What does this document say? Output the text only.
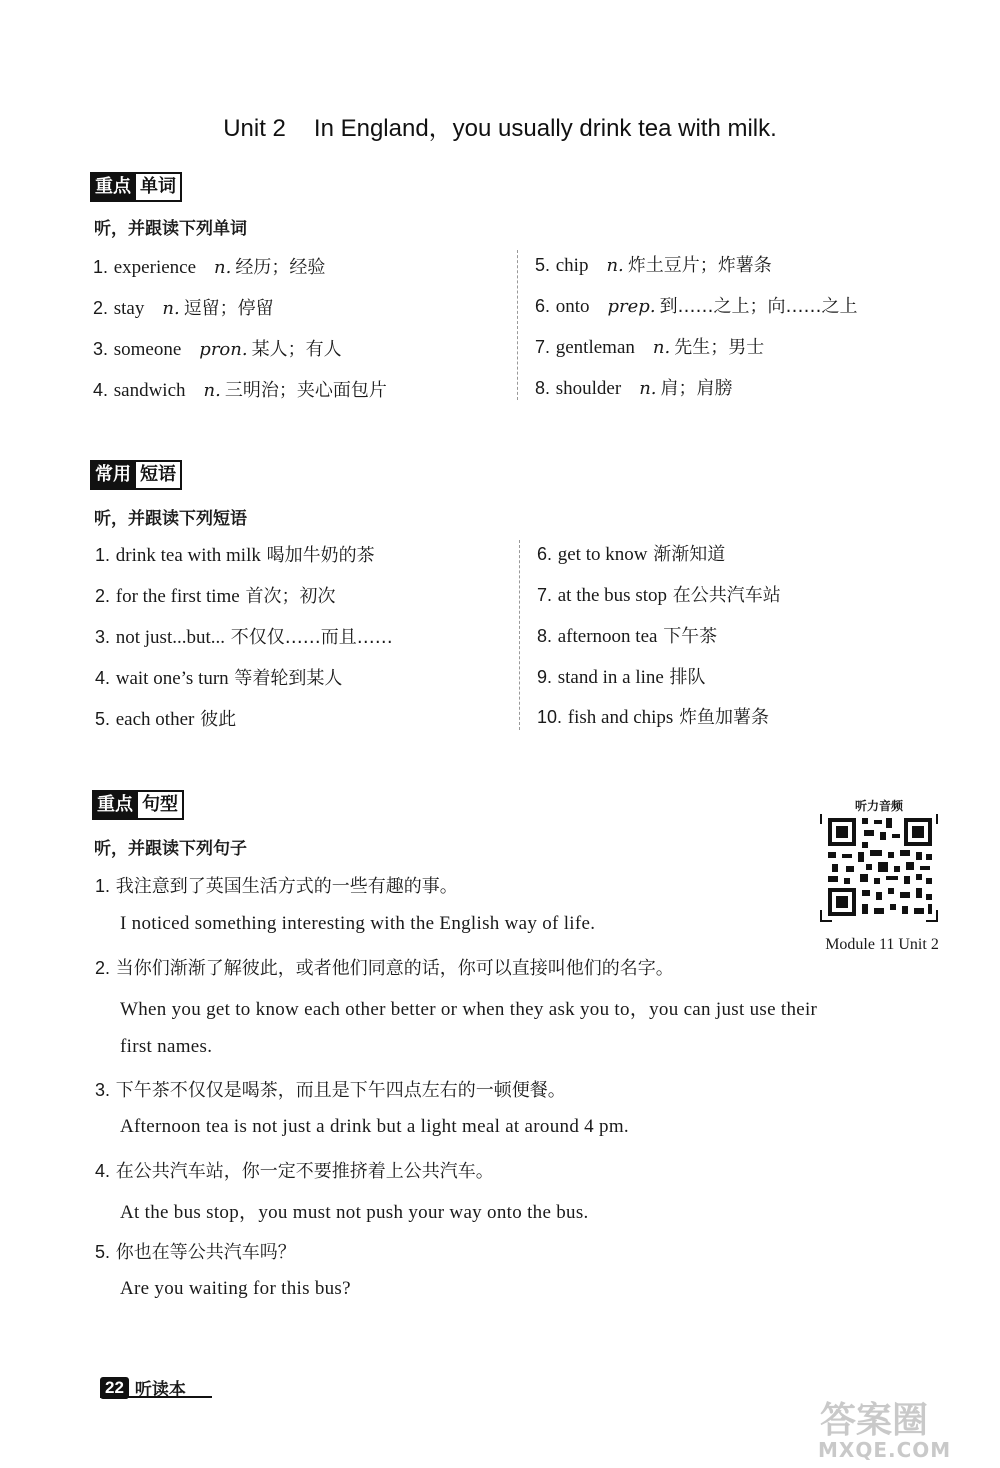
Unit 2 In England，you usually drink tea with milk.
重点 单词
听，并跟读下列单词
1. experience n. 经历；经验
2. stay n. 逗留；停留
3. someone pron. 某人；有人
4. sandwich n. 三明治；夹心面包片
5. chip n. 炸土豆片；炸薯条
6. onto prep. 到……之上；向……之上
7. gentleman n. 先生；男士
8. shoulder n. 肩；肩膀
常用 短语
听，并跟读下列短语
1. drink tea with milk 喝加牛奶的茶
2. for the first time 首次；初次
3. not just...but... 不仅仅……而且……
4. wait one’s turn 等着轮到某人
5. each other 彼此
6. get to know 渐渐知道
7. at the bus stop 在公共汽车站
8. afternoon tea 下午茶
9. stand in a line 排队
10. fish and chips 炸鱼加薯条
重点 句型
听，并跟读下列句子
听力音频
Module 11 Unit 2
1. 我注意到了英国生活方式的一些有趣的事。
I noticed something interesting with the English way of life.
2. 当你们渐渐了解彼此，或者他们同意的话，你可以直接叫他们的名字。
When you get to know each other better or when they ask you to，you can just use their
first names.
3. 下午茶不仅仅是喝茶，而且是下午四点左右的一顿便餐。
Afternoon tea is not just a drink but a light meal at around 4 pm.
4. 在公共汽车站，你一定不要推挤着上公共汽车。
At the bus stop，you must not push your way onto the bus.
5. 你也在等公共汽车吗？
Are you waiting for this bus?
22 听读本
答案圈
MXQE.COM
